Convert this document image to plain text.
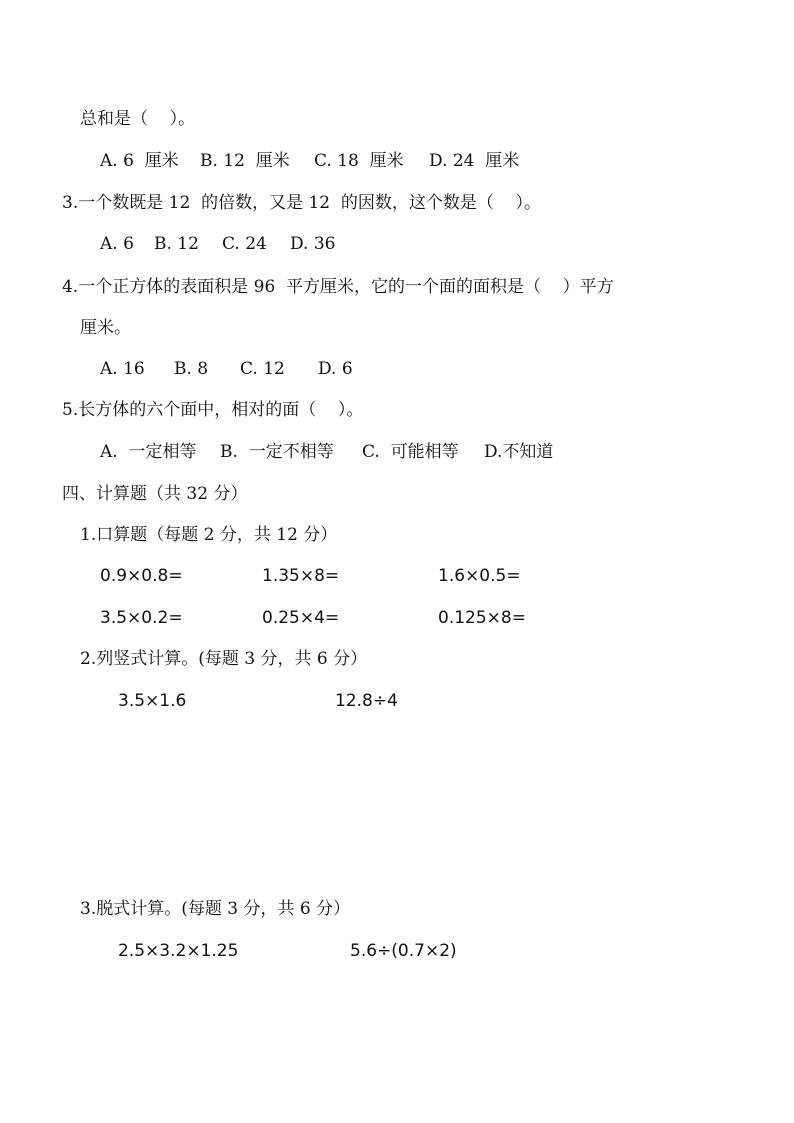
总和是（    ）。
A. 6  厘米 B. 12  厘米 C. 18  厘米 D. 24  厘米
3.一个数既是 12  的倍数，又是 12  的因数，这个数是（    ）。
A. 6 B. 12 C. 24 D. 36
4.一个正方体的表面积是 96  平方厘米，它的一个面的面积是（    ）平方
厘米。
A. 16 B. 8 C. 12 D. 6
5.长方体的六个面中，相对的面（    ）。
A.  一定相等 B.  一定不相等 C.  可能相等 D.不知道
四、计算题（共 32 分）
1.口算题（每题 2 分，共 12 分）
0.9×0.8=	1.35×8=	1.6×0.5=
3.5×0.2=	0.25×4=	0.125×8=
2.列竖式计算。(每题 3 分，共 6 分）
3.5×1.6	12.8÷4
3.脱式计算。(每题 3 分，共 6 分）
2.5×3.2×1.25	5.6÷(0.7×2)
